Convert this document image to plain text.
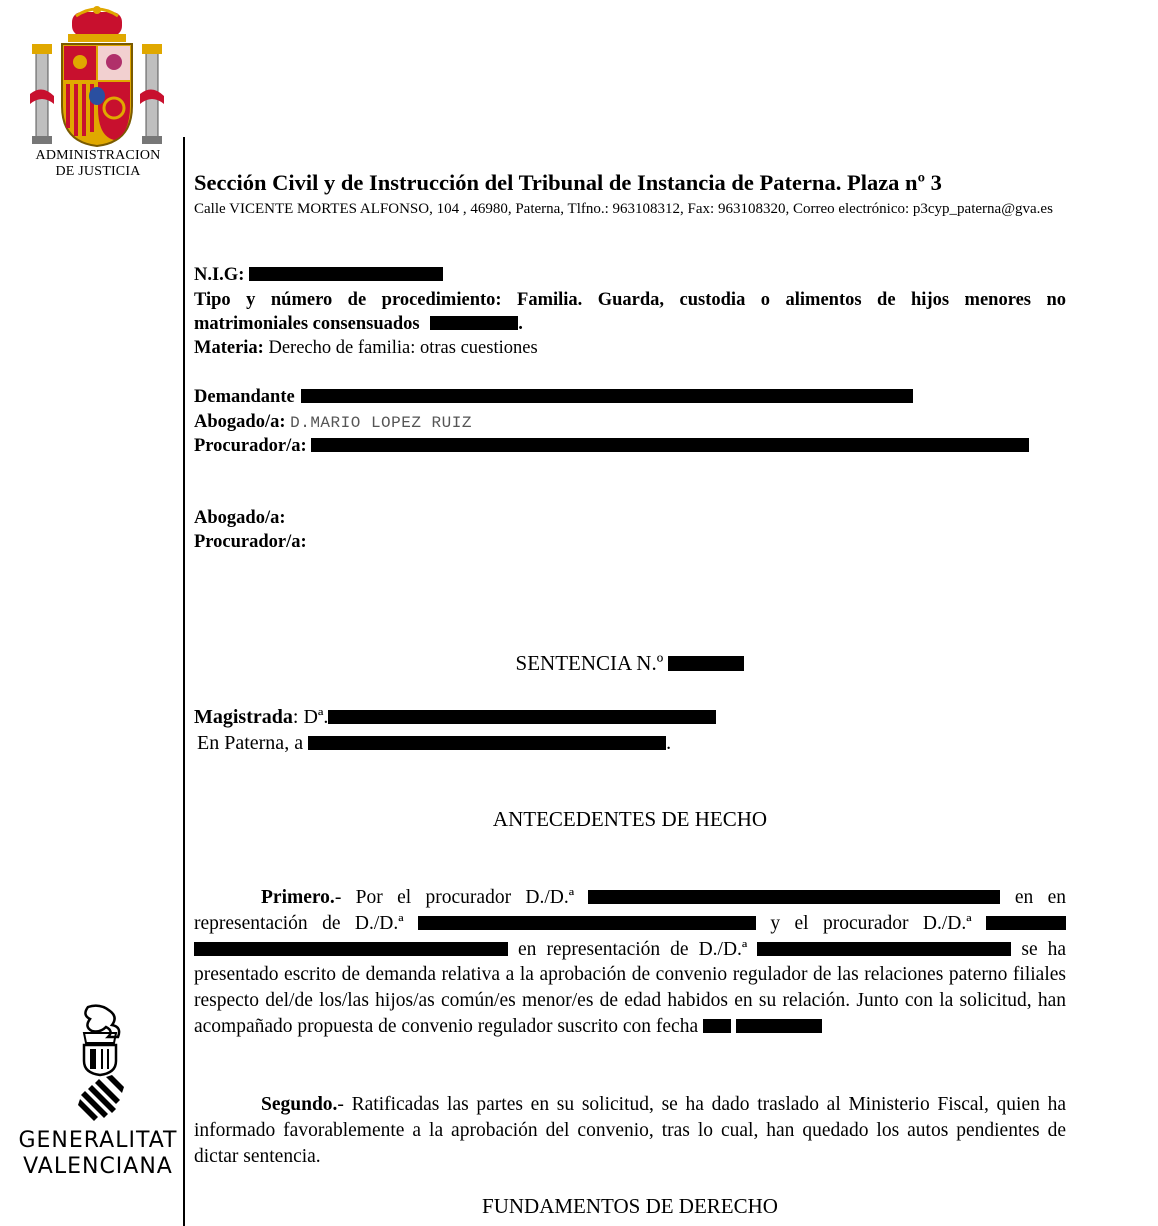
ADMINISTRACION
DE JUSTICIA
GENERALITAT
VALENCIANA
Sección Civil y de Instrucción del Tribunal de Instancia de Paterna. Plaza nº 3
Calle VICENTE MORTES ALFONSO, 104 , 46980, Paterna, Tlfno.: 963108312, Fax: 963108320, Correo electrónico: p3cyp_paterna@gva.es
N.I.G:
Tipo y número de procedimiento: Familia. Guarda, custodia o alimentos de hijos menores no
matrimoniales consensuados	.
Materia: Derecho de familia: otras cuestiones
Demandante
Abogado/a: D.MARIO LOPEZ RUIZ
Procurador/a:
Abogado/a:
Procurador/a:
SENTENCIA N.º
Magistrada: Dª.
En Paterna, a	.
ANTECEDENTES DE HECHO

Primero.- Por el procurador D./D.ª	en en representación de D./D.ª	y el procurador D./D.ª   en representación de D./D.ª	se ha presentado escrito de demanda relativa a la aprobación de convenio regulador de las relaciones paterno filiales respecto del/de los/las hijos/as común/es menor/es de edad habidos en su relación. Junto con la solicitud, han acompañado propuesta de convenio regulador suscrito con fecha

Segundo.- Ratificadas las partes en su solicitud, se ha dado traslado al Ministerio Fiscal, quien ha informado favorablemente a la aprobación del convenio, tras lo cual, han quedado los autos pendientes de dictar sentencia.

FUNDAMENTOS DE DERECHO
